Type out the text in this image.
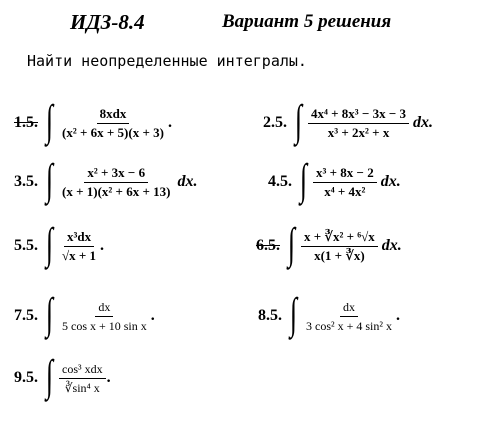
ИДЗ-8.4	Вариант 5 решения
Найти неопределенные интегралы.
1.5. ∫ $\frac{\text{8xdx}}{\text{(x² + 6x + 5)(x + 3)}}$ .	2.5. ∫ $\frac{\text{4x⁴ + 8x³ − 3x − 3}}{\text{x³ + 2x² + x}}$ dx.
3.5. ∫ $\frac{\text{x² + 3x − 6}}{\text{(x + 1)(x² + 6x + 13)}}$ dx.	4.5. ∫ $\frac{\text{x³ + 8x − 2}}{\text{x⁴ + 4x²}}$ dx.
5.5. ∫ $\frac{\text{x³dx}}{√x + 1}$ .	6.5. ∫ $\frac{\text{x + ∛x² + ⁶√x}}{x(1 + ∛x)}$ dx.
7.5. ∫ $\frac{dx}{\text{5 cos x + 10 sin x}}$ .	8.5. ∫ $\frac{dx}{\text{3 cos² x + 4 sin² x}}$ .
9.5. ∫ $\frac{\text{cos³ xdx}}{\text{∛sin⁴ x}}$ .
